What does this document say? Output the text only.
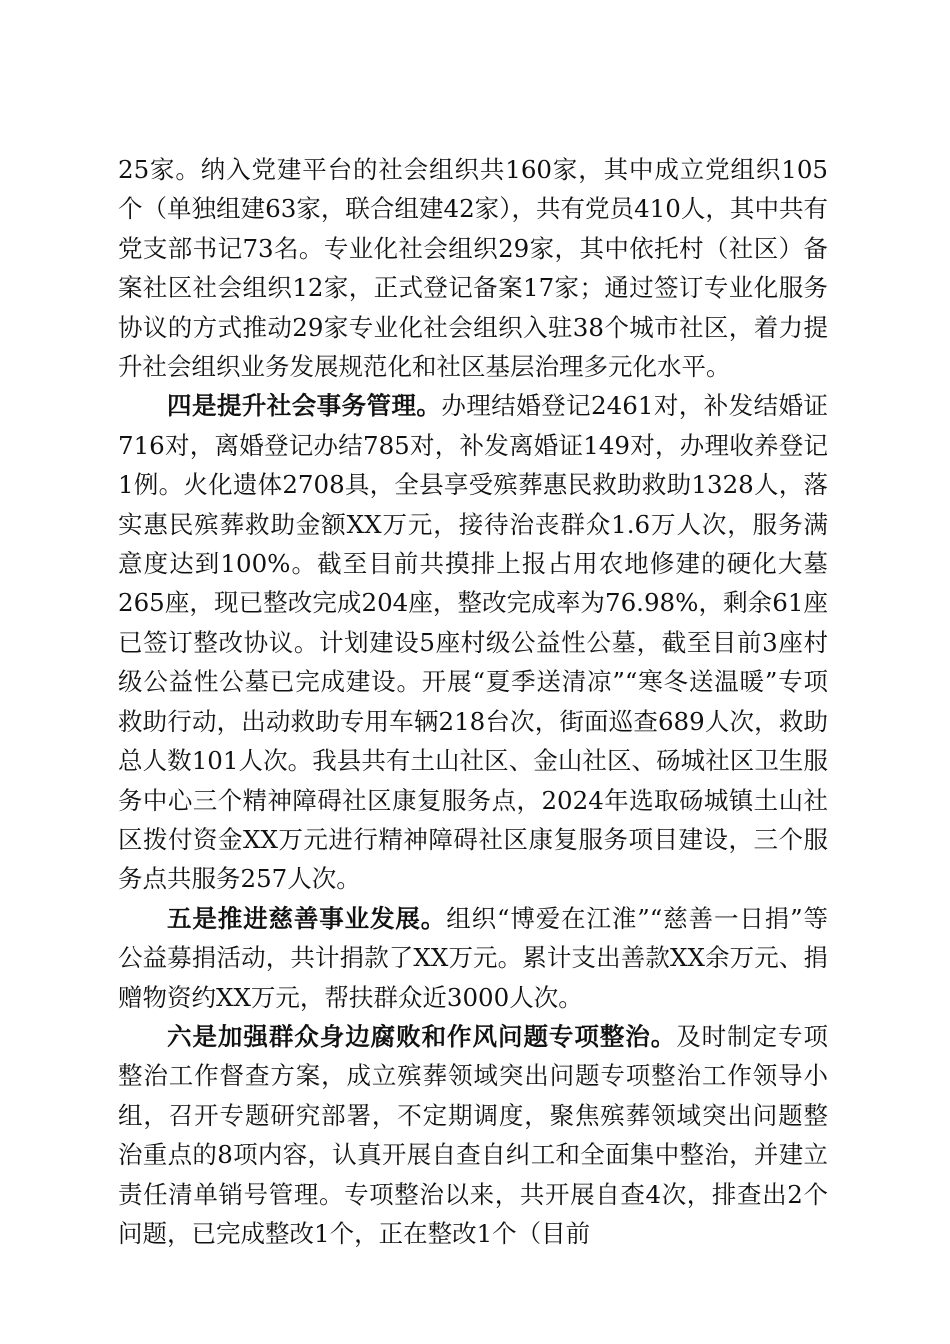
25家。纳入党建平台的社会组织共160家，其中成立党组织105个（单独组建63家，联合组建42家），共有党员410人，其中共有党支部书记73名。专业化社会组织29家，其中依托村（社区）备案社区社会组织12家，正式登记备案17家；通过签订专业化服务协议的方式推动29家专业化社会组织入驻38个城市社区，着力提升社会组织业务发展规范化和社区基层治理多元化水平。

四是提升社会事务管理。办理结婚登记2461对，补发结婚证716对，离婚登记办结785对，补发离婚证149对，办理收养登记1例。火化遗体2708具，全县享受殡葬惠民救助救助1328人，落实惠民殡葬救助金额XX万元，接待治丧群众1.6万人次，服务满意度达到100%。截至目前共摸排上报占用农地修建的硬化大墓265座，现已整改完成204座，整改完成率为76.98%，剩余61座已签订整改协议。计划建设5座村级公益性公墓，截至目前3座村级公益性公墓已完成建设。开展“夏季送清凉”“寒冬送温暖”专项救助行动，出动救助专用车辆218台次，街面巡查689人次，救助总人数101人次。我县共有土山社区、金山社区、砀城社区卫生服务中心三个精神障碍社区康复服务点，2024年选取砀城镇土山社区拨付资金XX万元进行精神障碍社区康复服务项目建设，三个服务点共服务257人次。

五是推进慈善事业发展。组织“博爱在江淮”“慈善一日捐”等公益募捐活动，共计捐款了XX万元。累计支出善款XX余万元、捐赠物资约XX万元，帮扶群众近3000人次。

六是加强群众身边腐败和作风问题专项整治。及时制定专项整治工作督查方案，成立殡葬领域突出问题专项整治工作领导小组，召开专题研究部署，不定期调度，聚焦殡葬领域突出问题整治重点的8项内容，认真开展自查自纠工和全面集中整治，并建立责任清单销号管理。专项整治以来，共开展自查4次，排查出2个问题，已完成整改1个，正在整改1个（目前
